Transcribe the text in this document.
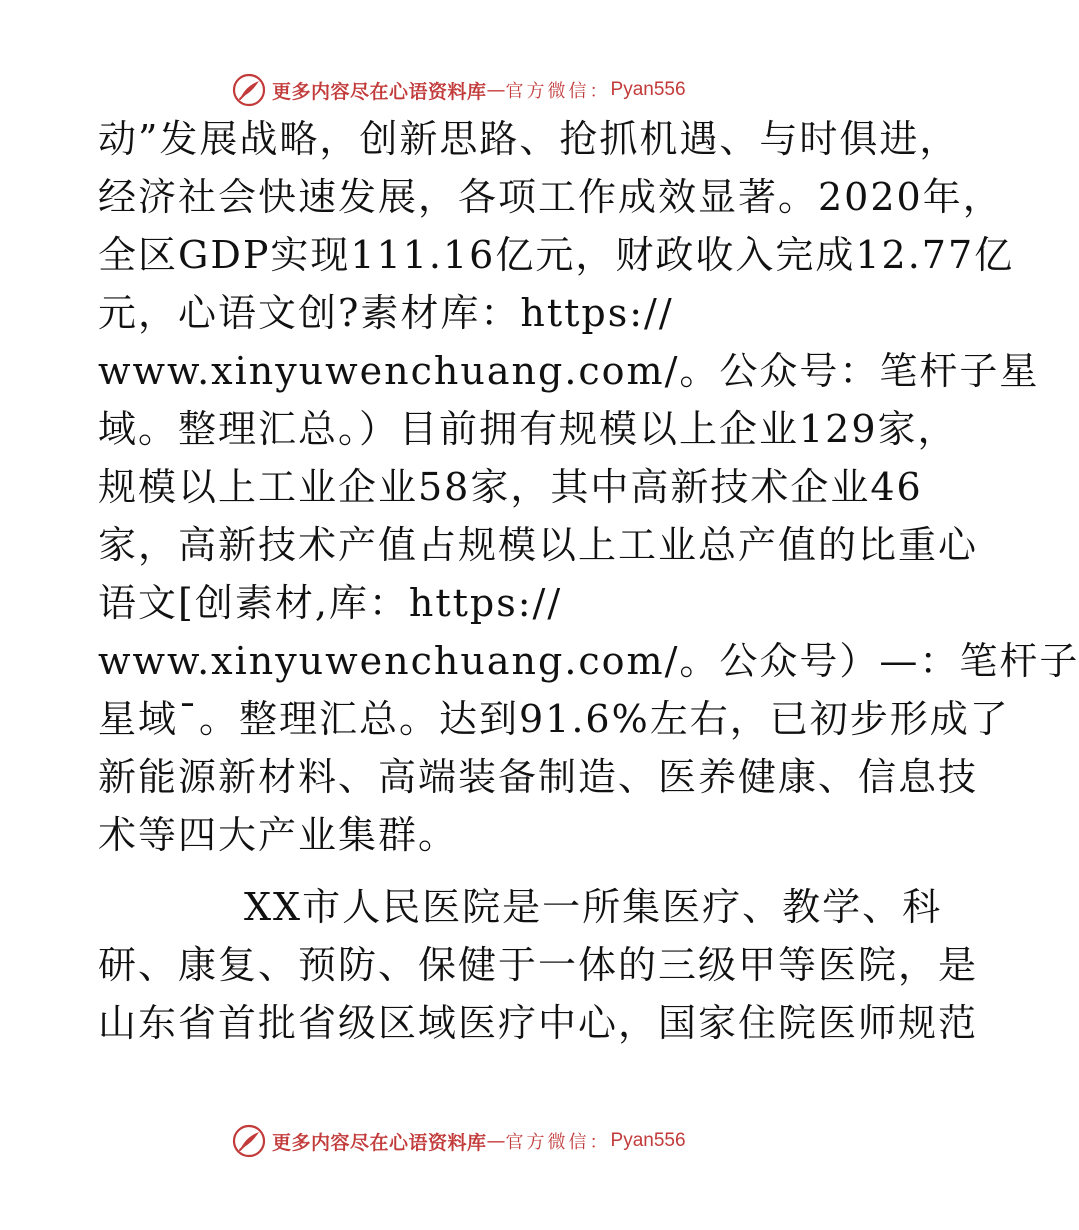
更多内容尽在心语资料库 — 官方微信： Pyan556
动”发展战略，创新思路、抢抓机遇、与时俱进，
经济社会快速发展，各项工作成效显著。2020年，
全区GDP实现111.16亿元，财政收入完成12.77亿
元，心语文创?素材库：https://
www.xinyuwenchuang.com/。公众号：笔杆子星
域。整理汇总。）目前拥有规模以上企业129家，
规模以上工业企业58家，其中高新技术企业46
家，高新技术产值占规模以上工业总产值的比重心
语文[创素材,库：https://
www.xinyuwenchuang.com/。公众号）—：笔杆子
星域¯。整理汇总。达到91.6%左右，已初步形成了
新能源新材料、高端装备制造、医养健康、信息技
术等四大产业集群。
XX市人民医院是一所集医疗、教学、科
研、康复、预防、保健于一体的三级甲等医院，是
山东省首批省级区域医疗中心，国家住院医师规范
更多内容尽在心语资料库 — 官方微信： Pyan556
